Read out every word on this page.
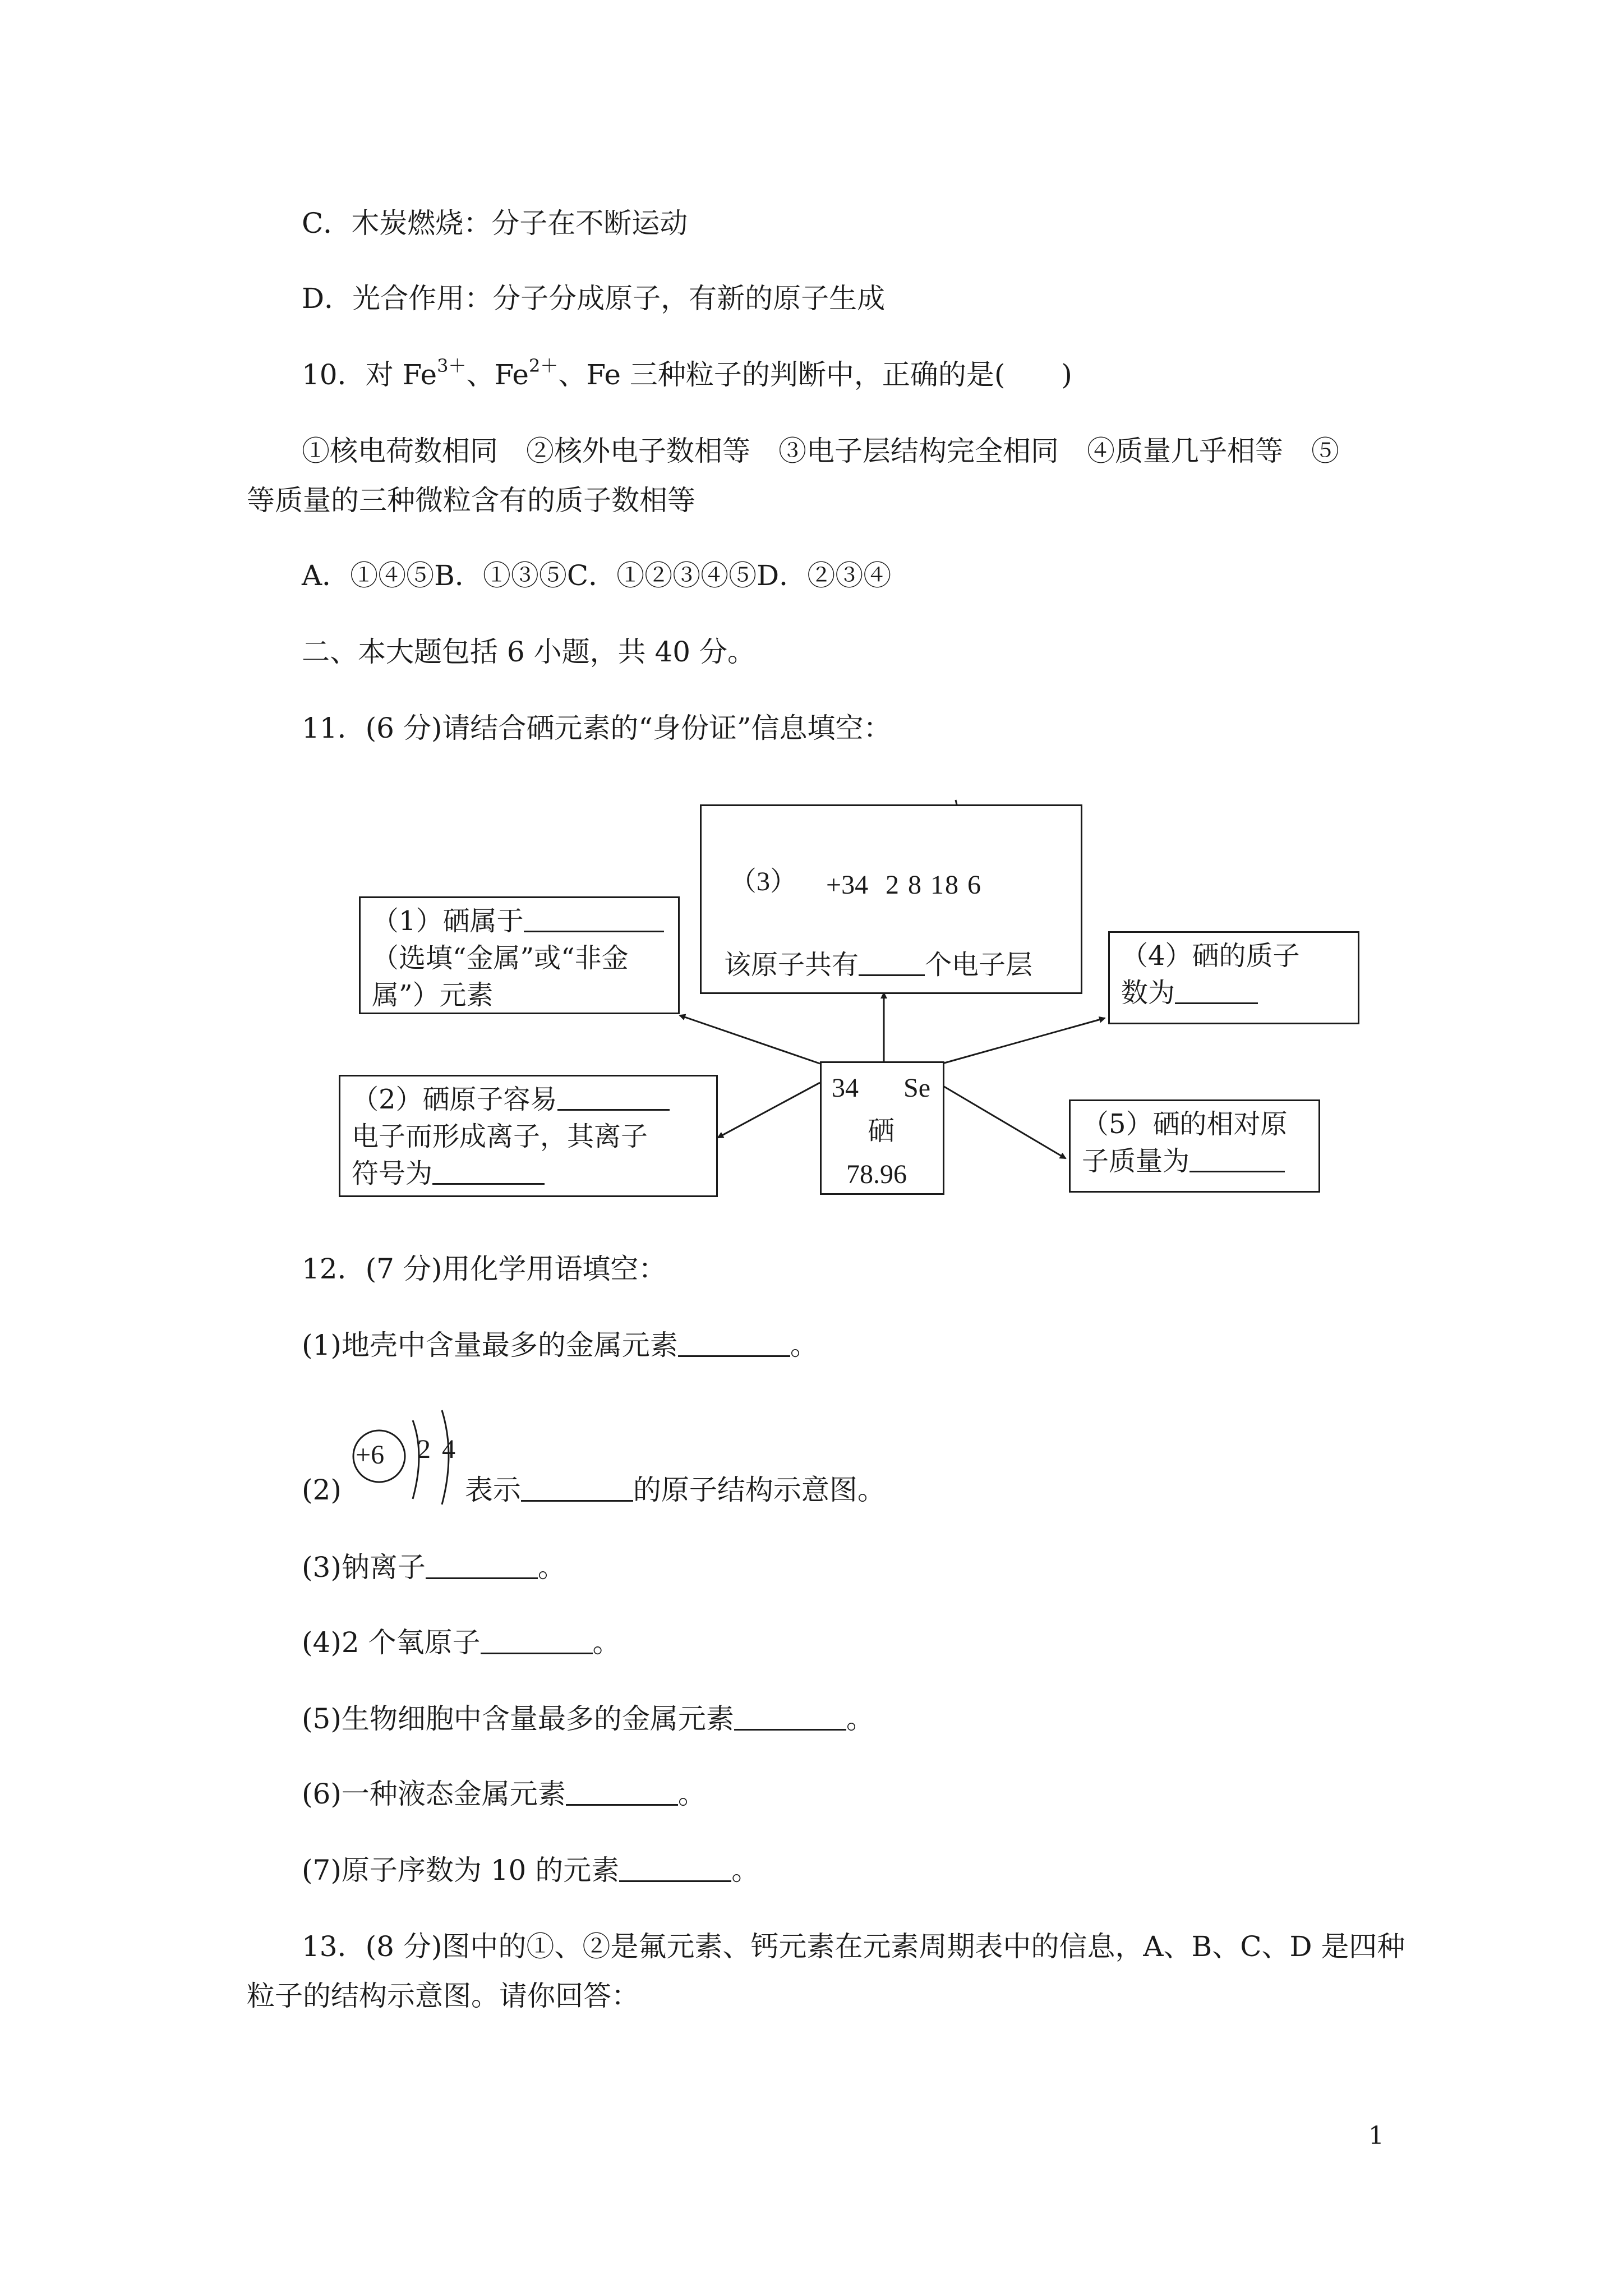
C．木炭燃烧：分子在不断运动
D．光合作用：分子分成原子，有新的原子生成
10．对 $Fe^{3+}$、$Fe^{2+}$、Fe 三种粒子的判断中，正确的是(　　)
①核电荷数相同　②核外电子数相等　③电子层结构完全相同　④质量几乎相等　⑤
等质量的三种微粒含有的质子数相等
A．①④⑤B．①③⑤C．①②③④⑤D．②③④
二、本大题包括 6 小题，共 40 分。
11．(6 分)请结合硒元素的“身份证”信息填空：
（1）硒属于
（选填“金属”或“非金
属”）元素
（3） +34 2 8 18 6
该原子共有 个电子层	（4）硒的质子
数为
（2）硒原子容易
电子而形成离子，其离子
符号为
34 Se
硒
78.96
（5）硒的相对原
子质量为
12．(7 分)用化学用语填空：
(1)地壳中含量最多的金属元素	。
+6 2 4
(2)	表示	的原子结构示意图。
(3)钠离子	。
(4)2 个氧原子	。
(5)生物细胞中含量最多的金属元素	。
(6)一种液态金属元素	。
(7)原子序数为 10 的元素	。
13．(8 分)图中的①、②是氟元素、钙元素在元素周期表中的信息，A、B、C、D 是四种
粒子的结构示意图。请你回答：
1
